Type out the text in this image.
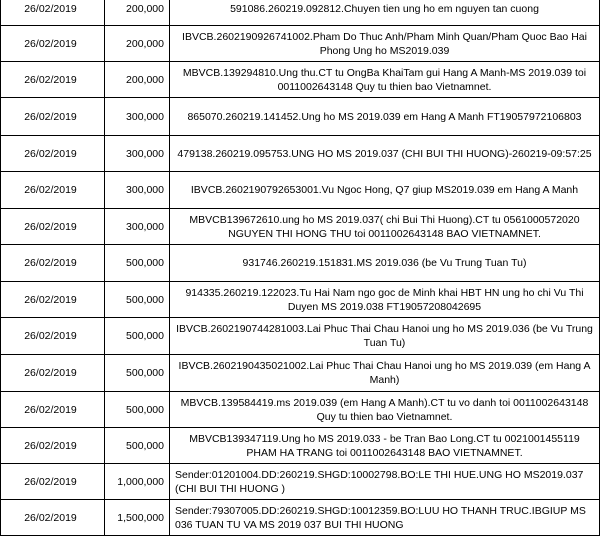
26/02/2019	200,000	591086.260219.092812.Chuyen tien ung ho em nguyen tan cuong
26/02/2019	200,000	IBVCB.2602190926741002.Pham Do Thuc Anh/Pham Minh Quan/Pham Quoc Bao Hai Phong Ung ho MS2019.039
26/02/2019	200,000	MBVCB.139294810.Ung thu.CT tu OngBa KhaiTam gui Hang A Manh-MS 2019.039 toi 0011002643148 Quy tu thien bao Vietnamnet.
26/02/2019	300,000	865070.260219.141452.Ung ho MS 2019.039 em Hang A Manh FT19057972106803
26/02/2019	300,000	479138.260219.095753.UNG HO MS 2019.037 (CHI BUI THI HUONG)-260219-09:57:25
26/02/2019	300,000	IBVCB.2602190792653001.Vu Ngoc Hong, Q7 giup MS2019.039 em Hang A Manh
26/02/2019	300,000	MBVCB139672610.ung ho MS 2019.037( chi Bui Thi Huong).CT tu 0561000572020 NGUYEN THI HONG THU toi 0011002643148 BAO VIETNAMNET.
26/02/2019	500,000	931746.260219.151831.MS 2019.036 (be Vu Trung Tuan Tu)
26/02/2019	500,000	914335.260219.122023.Tu Hai Nam ngo goc de Minh khai HBT HN ung ho chi Vu Thi Duyen MS 2019.038 FT19057208042695
26/02/2019	500,000	IBVCB.2602190744281003.Lai Phuc Thai Chau Hanoi ung ho MS 2019.036 (be Vu Trung Tuan Tu)
26/02/2019	500,000	IBVCB.2602190435021002.Lai Phuc Thai Chau Hanoi ung ho MS 2019.039 (em Hang A Manh)
26/02/2019	500,000	MBVCB.139584419.ms 2019.039 (em Hang A Manh).CT tu vo danh toi 0011002643148 Quy tu thien bao Vietnamnet.
26/02/2019	500,000	MBVCB139347119.Ung ho MS 2019.033 - be Tran Bao Long.CT tu 0021001455119 PHAM HA TRANG toi 0011002643148 BAO VIETNAMNET.
26/02/2019	1,000,000	Sender:01201004.DD:260219.SHGD:10002798.BO:LE THI HUE.UNG HO MS2019.037 (CHI BUI THI HUONG )
26/02/2019	1,500,000	Sender:79307005.DD:260219.SHGD:10012359.BO:LUU HO THANH TRUC.IBGIUP MS 036 TUAN TU VA MS 2019 037 BUI THI HUONG
